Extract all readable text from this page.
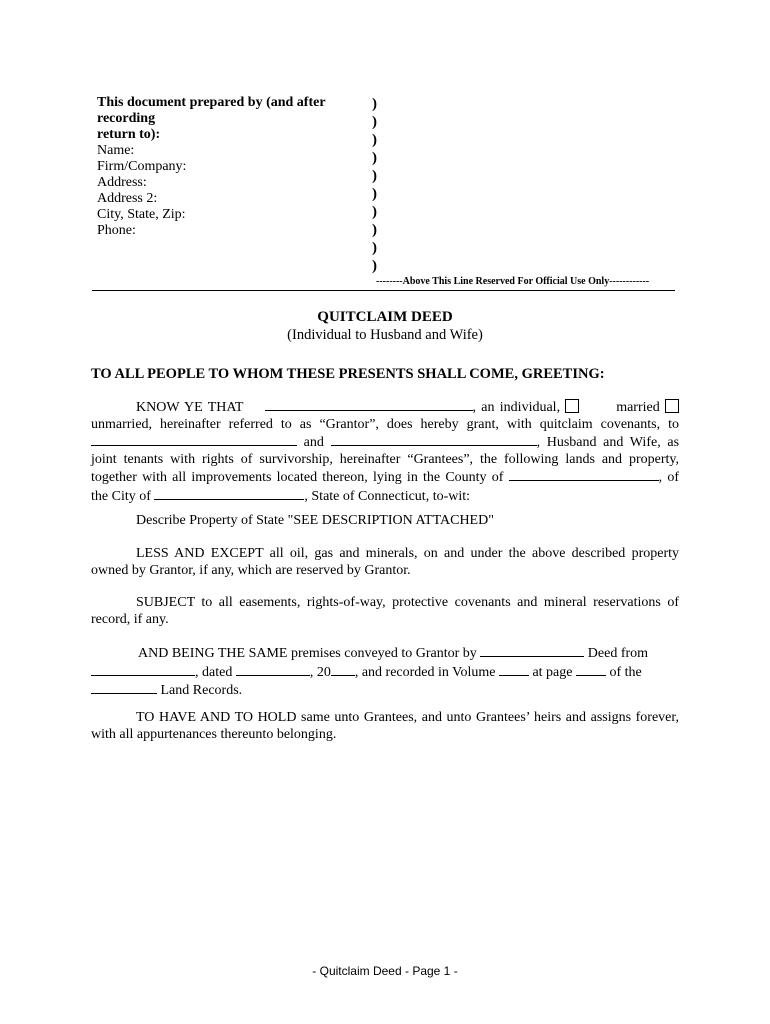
This document prepared by (and after recording
return to):
Name:
Firm/Company:
Address:
Address 2:
City, State, Zip:
Phone:
)
)
)
)
)
)
)
)
)
)
--------Above This Line Reserved For Official Use Only------------
QUITCLAIM DEED
(Individual to Husband and Wife)
TO ALL PEOPLE TO WHOM THESE PRESENTS SHALL COME, GREETING:
KNOW YE THAT	, an individual,	married  unmarried, hereinafter referred to as “Grantor”, does hereby grant, with quitclaim covenants, to  and	, Husband and Wife, as joint tenants with rights of survivorship, hereinafter “Grantees”, the following lands and property, together with all improvements located thereon, lying in the County of	, of the City of	, State of Connecticut, to-wit:
Describe Property of State "SEE DESCRIPTION ATTACHED"
LESS AND EXCEPT all oil, gas and minerals, on and under the above described property owned by Grantor, if any, which are reserved by Grantor.
SUBJECT to all easements, rights-of-way, protective covenants and mineral reservations of record, if any.
AND BEING THE SAME premises conveyed to Grantor by	Deed from
, dated	, 20 , and recorded in Volume	at page	of the
Land Records.
TO HAVE AND TO HOLD same unto Grantees, and unto Grantees’ heirs and assigns forever, with all appurtenances thereunto belonging.
- Quitclaim Deed - Page 1 -
